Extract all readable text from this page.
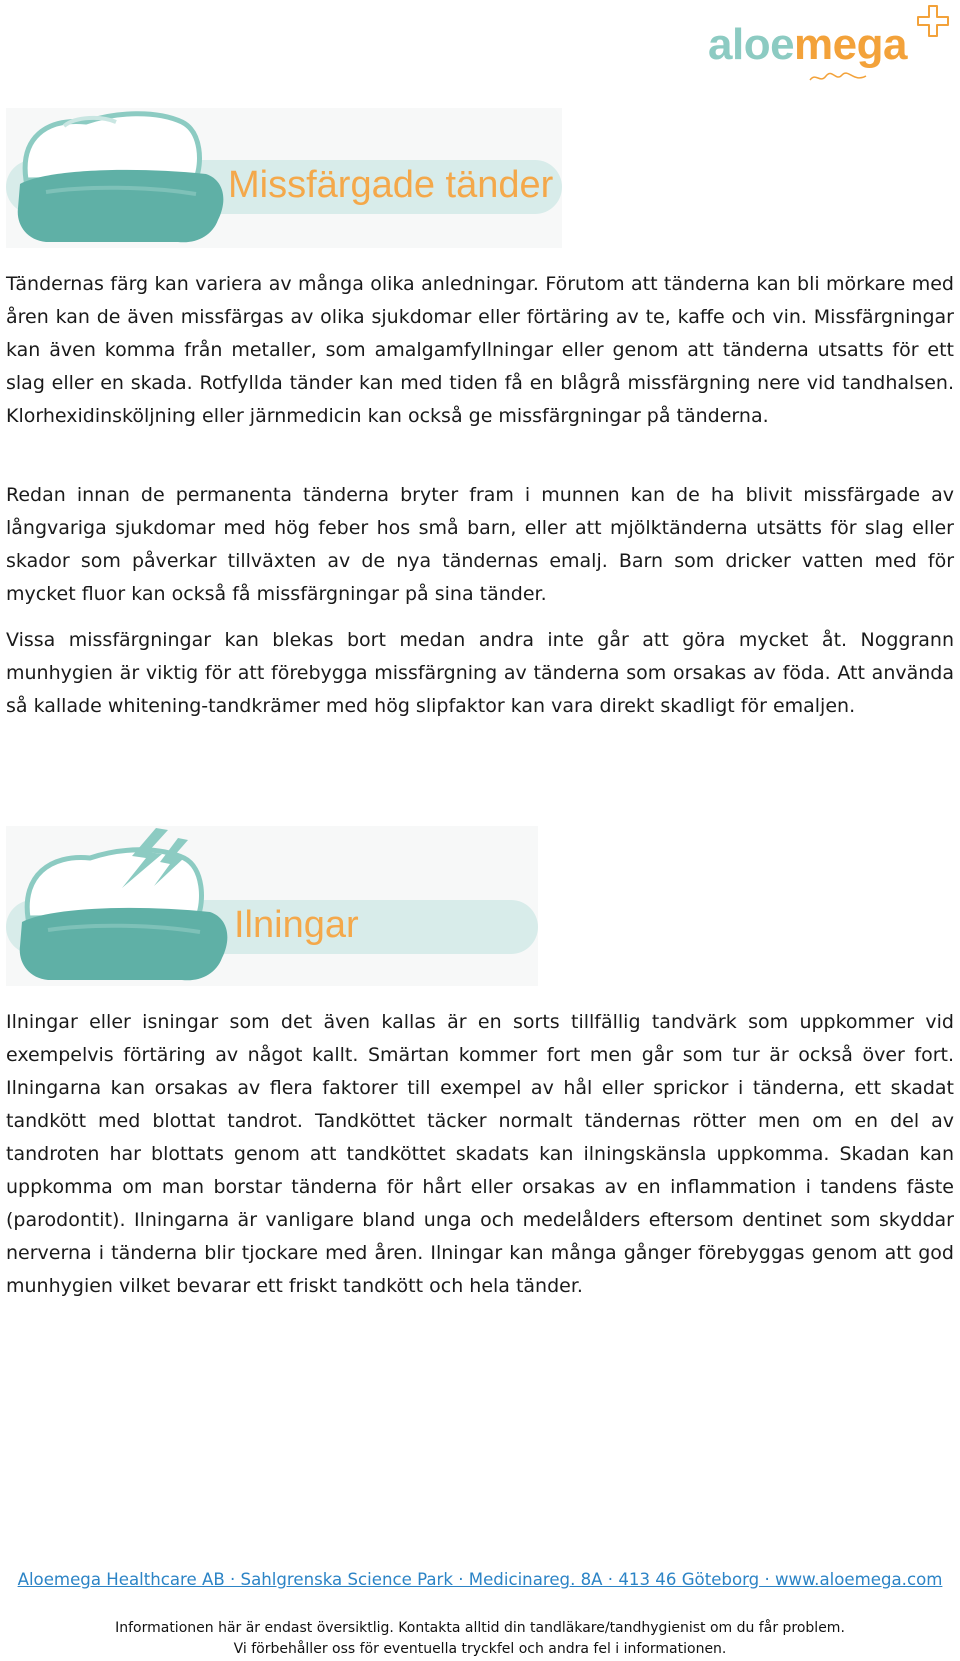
aloemega
Missfärgade tänder

Tändernas färg kan variera av många olika anledningar. Förutom att tänderna kan bli mörkare med åren kan de även missfärgas av olika sjukdomar eller förtäring av te, kaffe och vin. Missfärgningar kan även komma från metaller, som amalgamfyllningar eller genom att tänderna utsatts för ett slag eller en skada. Rotfyllda tänder kan med tiden få en blågrå missfärgning nere vid tandhalsen. Klorhexidinsköljning eller järnmedicin kan också ge missfärgningar på tänderna.

Redan innan de permanenta tänderna bryter fram i munnen kan de ha blivit missfärgade av långvariga sjukdomar med hög feber hos små barn, eller att mjölktänderna utsätts för slag eller skador som påverkar tillväxten av de nya tändernas emalj. Barn som dricker vatten med för mycket fluor kan också få missfärgningar på sina tänder.

Vissa missfärgningar kan blekas bort medan andra inte går att göra mycket åt. Noggrann munhygien är viktig för att förebygga missfärgning av tänderna som orsakas av föda. Att använda så kallade whitening-tandkrämer med hög slipfaktor kan vara direkt skadligt för emaljen.

Ilningar

Ilningar eller isningar som det även kallas är en sorts tillfällig tandvärk som uppkommer vid exempelvis förtäring av något kallt. Smärtan kommer fort men går som tur är också över fort. Ilningarna kan orsakas av flera faktorer till exempel av hål eller sprickor i tänderna, ett skadat tandkött med blottat tandrot. Tandköttet täcker normalt tändernas rötter men om en del av tandroten har blottats genom att tandköttet skadats kan ilningskänsla uppkomma. Skadan kan uppkomma om man borstar tänderna för hårt eller orsakas av en inflammation i tandens fäste (parodontit). Ilningarna är vanligare bland unga och medelålders eftersom dentinet som skyddar nerverna i tänderna blir tjockare med åren. Ilningar kan många gånger förebyggas genom att god munhygien vilket bevarar ett friskt tandkött och hela tänder.

Aloemega Healthcare AB · Sahlgrenska Science Park · Medicinareg. 8A · 413 46 Göteborg · www.aloemega.com
Informationen här är endast översiktlig. Kontakta alltid din tandläkare/tandhygienist om du får problem.
Vi förbehåller oss för eventuella tryckfel och andra fel i informationen.
